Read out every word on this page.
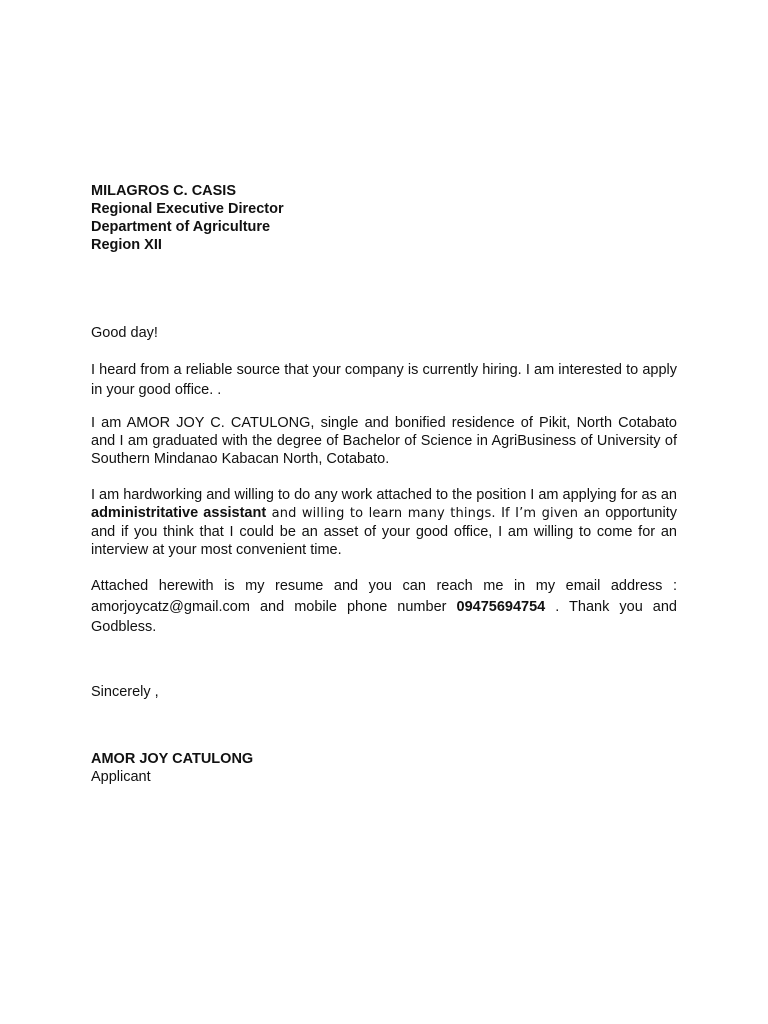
MILAGROS C. CASIS
Regional Executive Director
Department of Agriculture
Region XII
Good day!

I heard from a reliable source that your company is currently hiring. I am interested to apply in your good office. .

I am AMOR JOY C. CATULONG, single and bonified residence of Pikit, North Cotabato and I am graduated with the degree of Bachelor of Science in AgriBusiness of University of Southern Mindanao Kabacan North, Cotabato.

I am hardworking and willing to do any work attached to the position I am applying for as an administritative assistant and willing to learn many things. If I’m given an opportunity and if you think that I could be an asset of your good office, I am willing to come for an interview at your most convenient time.

Attached herewith is my resume and you can reach me in my email address : amorjoycatz@gmail.com and mobile phone number 09475694754 . Thank you and Godbless.

Sincerely ,
AMOR JOY CATULONG
Applicant
